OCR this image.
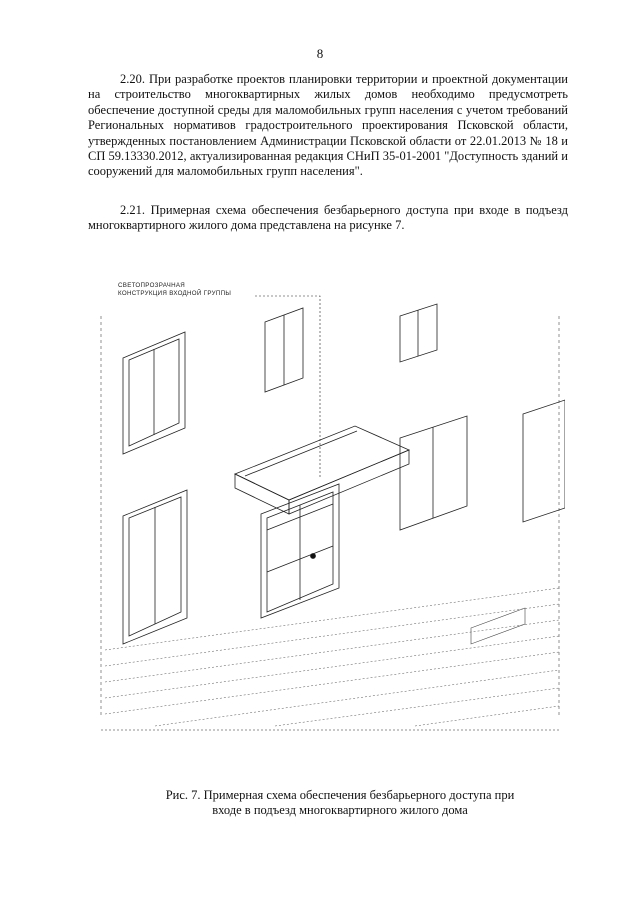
8

2.20. При разработке проектов планировки территории и проектной документации на строительство многоквартирных жилых домов необходимо предусмотреть обеспечение доступной среды для маломобильных групп населения с учетом требований Региональных нормативов градостроительного проектирования Псковской области, утвержденных постановлением Администрации Псковской области от 22.01.2013 № 18 и СП 59.13330.2012, актуализированная редакция СНиП 35-01-2001 "Доступность зданий и сооружений для маломобильных групп населения".

2.21. Примерная схема обеспечения безбарьерного доступа при входе в подъезд многоквартирного жилого дома представлена на рисунке 7.

СВЕТОПРОЗРАЧНАЯ
КОНСТРУКЦИЯ ВХОДНОЙ ГРУППЫ
Рис. 7. Примерная схема обеспечения безбарьерного доступа при
входе в подъезд многоквартирного жилого дома
